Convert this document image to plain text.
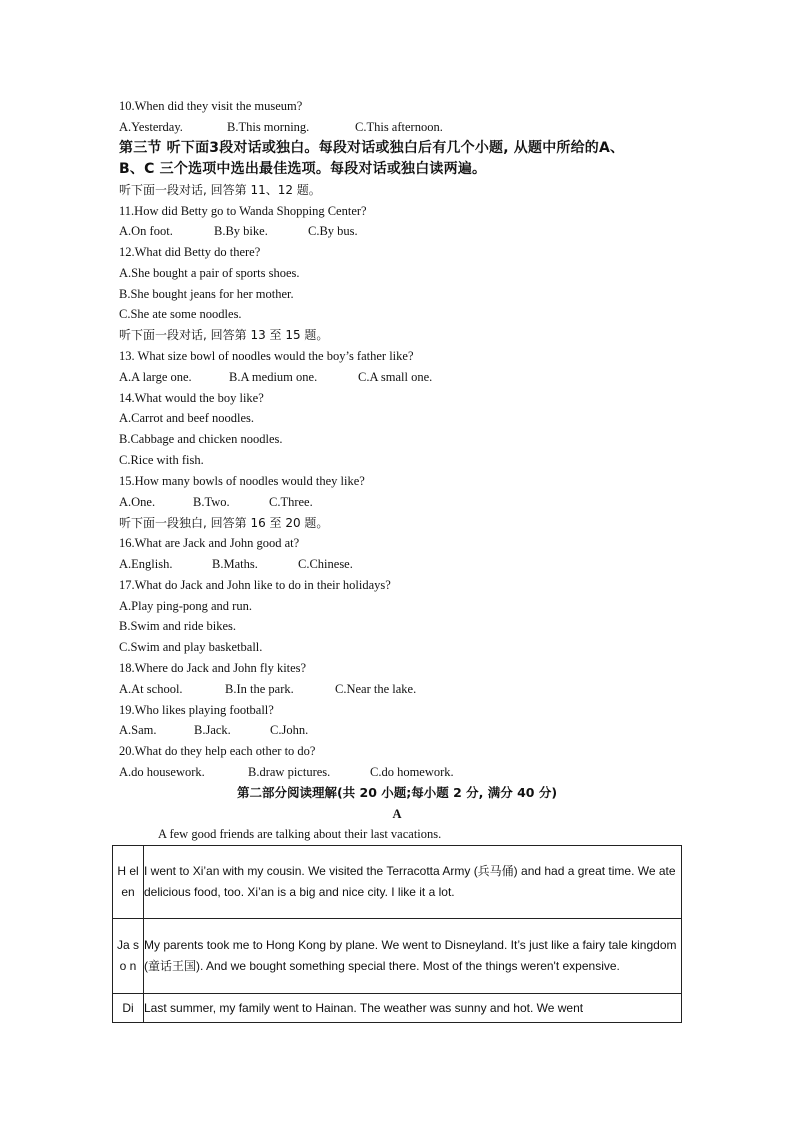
10.When did they visit the museum?
A.Yesterday.	B.This morning.	C.This afternoon.
第三节 听下面3段对话或独白。每段对话或独白后有几个小题, 从题中所给的A、
B、C 三个选项中选出最佳选项。每段对话或独白读两遍。
听下面一段对话, 回答第 11、12 题。
11.How did Betty go to Wanda Shopping Center?
A.On foot.	B.By bike.	C.By bus.
12.What did Betty do there?
A.She bought a pair of sports shoes.
B.She bought jeans for her mother.
C.She ate some noodles.
听下面一段对话, 回答第 13 至 15 题。
13. What size bowl of noodles would the boy’s father like?
A.A large one.	B.A medium one.	C.A small one.
14.What would the boy like?
A.Carrot and beef noodles.
B.Cabbage and chicken noodles.
C.Rice with fish.
15.How many bowls of noodles would they like?
A.One.	B.Two.	C.Three.
听下面一段独白, 回答第 16 至 20 题。
16.What are Jack and John good at?
A.English.	B.Maths.	C.Chinese.
17.What do Jack and John like to do in their holidays?
A.Play ping-pong and run.
B.Swim and ride bikes.
C.Swim and play basketball.
18.Where do Jack and John fly kites?
A.At school.	B.In the park.	C.Near the lake.
19.Who likes playing football?
A.Sam.	B.Jack.	C.John.
20.What do they help each other to do?
A.do housework.	B.draw pictures.	C.do homework.
第二部分阅读理解(共 20 小题;每小题 2 分, 满分 40 分)
A
A few good friends are talking about their last vacations.
H el en	I went to Xi’an with my cousin. We visited the Terracotta Army (兵马俑) and had a great time. We ate delicious food, too. Xi’an is a big and nice city. I like it a lot.

Ja so n	My parents took me to Hong Kong by plane. We went to Disneyland. It’s just like a fairy tale kingdom (童话王国). And we bought something special there. Most of the things weren't expensive.

Di	Last summer, my family went to Hainan. The weather was sunny and hot. We went
